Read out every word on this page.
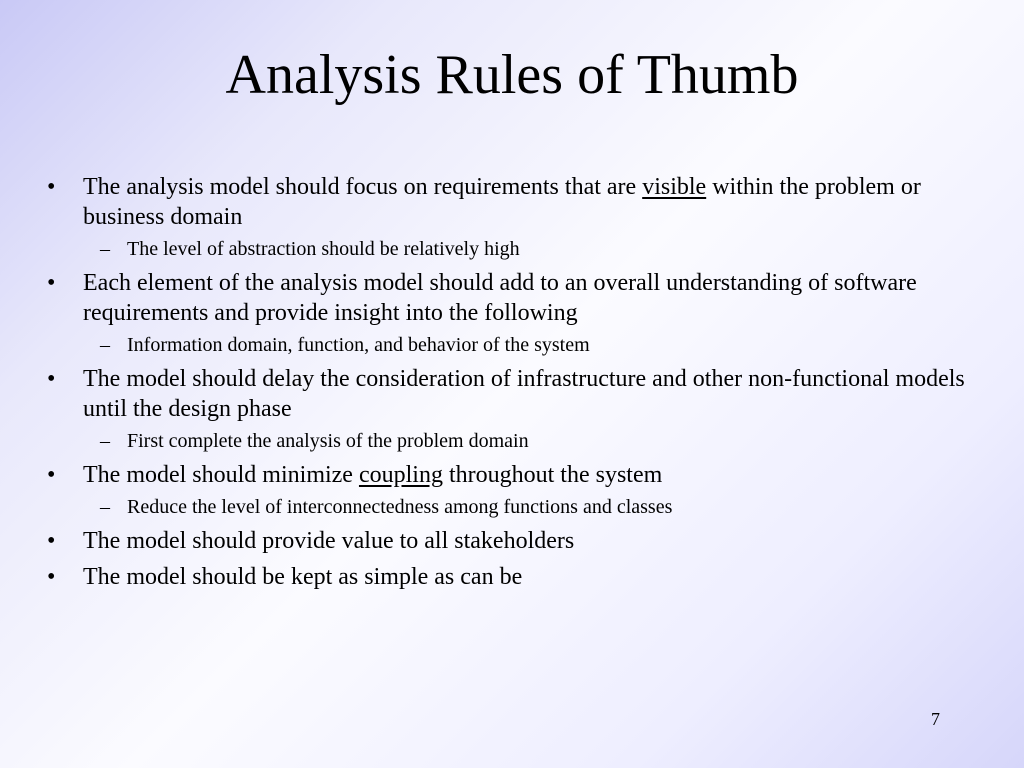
Analysis Rules of Thumb
•	The analysis model should focus on requirements that are visible within the problem or business domain
– The level of abstraction should be relatively high
•	Each element of the analysis model should add to an overall understanding of software requirements and provide insight into the following
– Information domain, function, and behavior of the system
•	The model should delay the consideration of infrastructure and other non-functional models until the design phase
– First complete the analysis of the problem domain
•	The model should minimize coupling throughout the system
– Reduce the level of interconnectedness among functions and classes
•	The model should provide value to all stakeholders
•	The model should be kept as simple as can be
7
